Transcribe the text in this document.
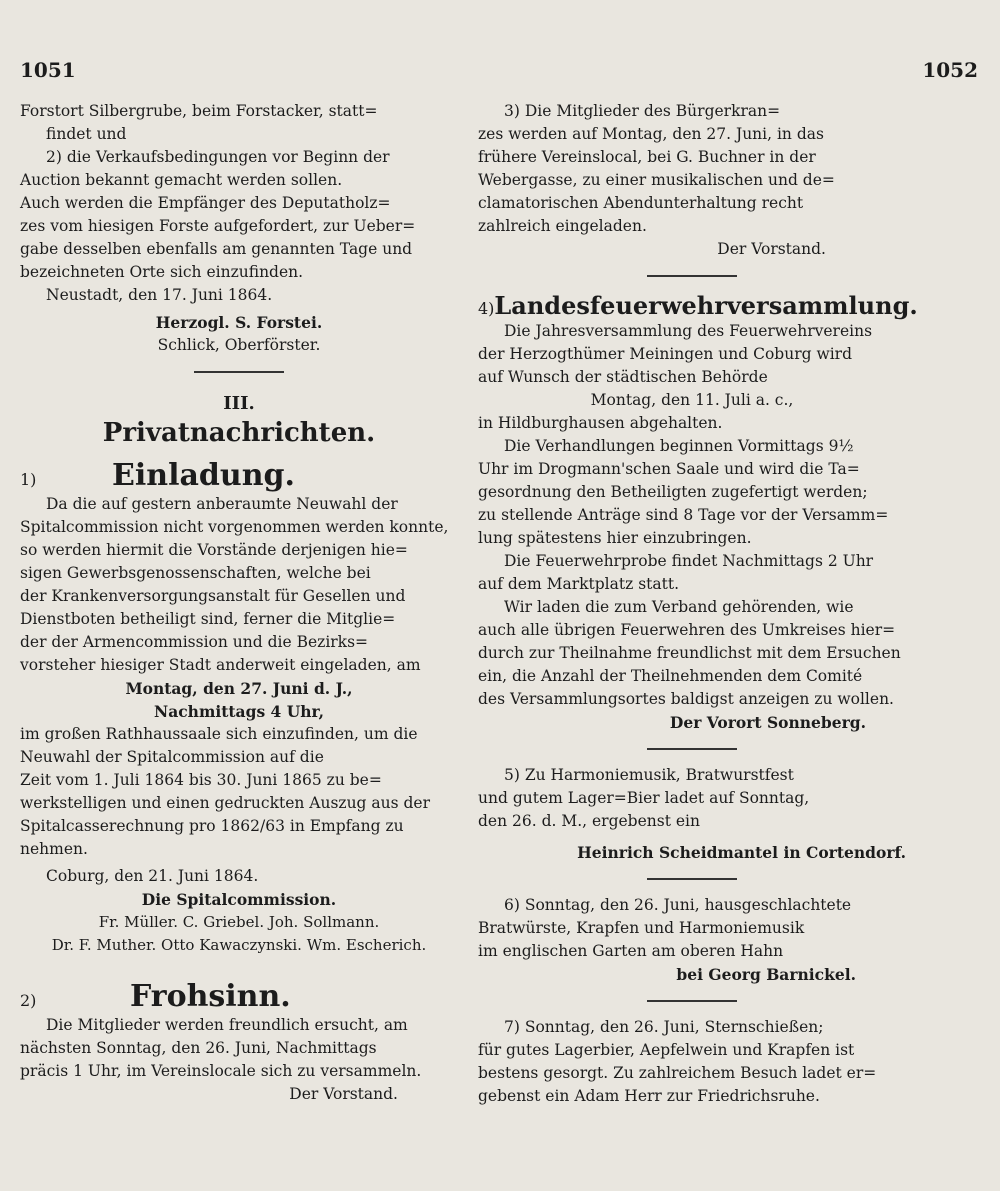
1051	1052

Forstort Silbergrube, beim Forstacker, statt=

findet und

2) die Verkaufsbedingungen vor Beginn der

Auction bekannt gemacht werden sollen.

Auch werden die Empfänger des Deputatholz=

zes vom hiesigen Forste aufgefordert, zur Ueber=

gabe desselben ebenfalls am genannten Tage und

bezeichneten Orte sich einzufinden.

Neustadt, den 17. Juni 1864.

Herzogl. S. Forstei.

Schlick, Oberförster.

III.
Privatnachrichten.
1)	Einladung.

Da die auf gestern anberaumte Neuwahl der

Spitalcommission nicht vorgenommen werden konnte,

so werden hiermit die Vorstände derjenigen hie=

sigen Gewerbsgenossenschaften, welche bei

der Krankenversorgungsanstalt für Gesellen und

Dienstboten betheiligt sind, ferner die Mitglie=

der der Armencommission und die Bezirks=

vorsteher hiesiger Stadt anderweit eingeladen, am

Montag, den 27. Juni d. J.,

Nachmittags 4 Uhr,

im großen Rathhaussaale sich einzufinden, um die

Neuwahl der Spitalcommission auf die

Zeit vom 1. Juli 1864 bis 30. Juni 1865 zu be=

werkstelligen und einen gedruckten Auszug aus der

Spitalcasserechnung pro 1862/63 in Empfang zu

nehmen.

Coburg, den 21. Juni 1864.

Die Spitalcommission.

Fr. Müller. C. Griebel. Joh. Sollmann.

Dr. F. Muther. Otto Kawaczynski. Wm. Escherich.

2)	Frohsinn.

Die Mitglieder werden freundlich ersucht, am

nächsten Sonntag, den 26. Juni, Nachmittags

präcis 1 Uhr, im Vereinslocale sich zu versammeln.

Der Vorstand.

3) Die Mitglieder des Bürgerkran=

zes werden auf Montag, den 27. Juni, in das

frühere Vereinslocal, bei G. Buchner in der

Webergasse, zu einer musikalischen und de=

clamatorischen Abendunterhaltung recht

zahlreich eingeladen.

Der Vorstand.

4) Landesfeuerwehrversammlung.

Die Jahresversammlung des Feuerwehrvereins

der Herzogthümer Meiningen und Coburg wird

auf Wunsch der städtischen Behörde

Montag, den 11. Juli a. c.,

in Hildburghausen abgehalten.

Die Verhandlungen beginnen Vormittags 9½

Uhr im Drogmann'schen Saale und wird die Ta=

gesordnung den Betheiligten zugefertigt werden;

zu stellende Anträge sind 8 Tage vor der Versamm=

lung spätestens hier einzubringen.

Die Feuerwehrprobe findet Nachmittags 2 Uhr

auf dem Marktplatz statt.

Wir laden die zum Verband gehörenden, wie

auch alle übrigen Feuerwehren des Umkreises hier=

durch zur Theilnahme freundlichst mit dem Ersuchen

ein, die Anzahl der Theilnehmenden dem Comité

des Versammlungsortes baldigst anzeigen zu wollen.

Der Vorort Sonneberg.

5) Zu Harmoniemusik, Bratwurstfest

und gutem Lager=Bier ladet auf Sonntag,

den 26. d. M., ergebenst ein

Heinrich Scheidmantel in Cortendorf.

6) Sonntag, den 26. Juni, hausgeschlachtete

Bratwürste, Krapfen und Harmoniemusik

im englischen Garten am oberen Hahn

bei Georg Barnickel.

7) Sonntag, den 26. Juni, Sternschießen;

für gutes Lagerbier, Aepfelwein und Krapfen ist

bestens gesorgt. Zu zahlreichem Besuch ladet er=

gebenst ein Adam Herr zur Friedrichsruhe.
